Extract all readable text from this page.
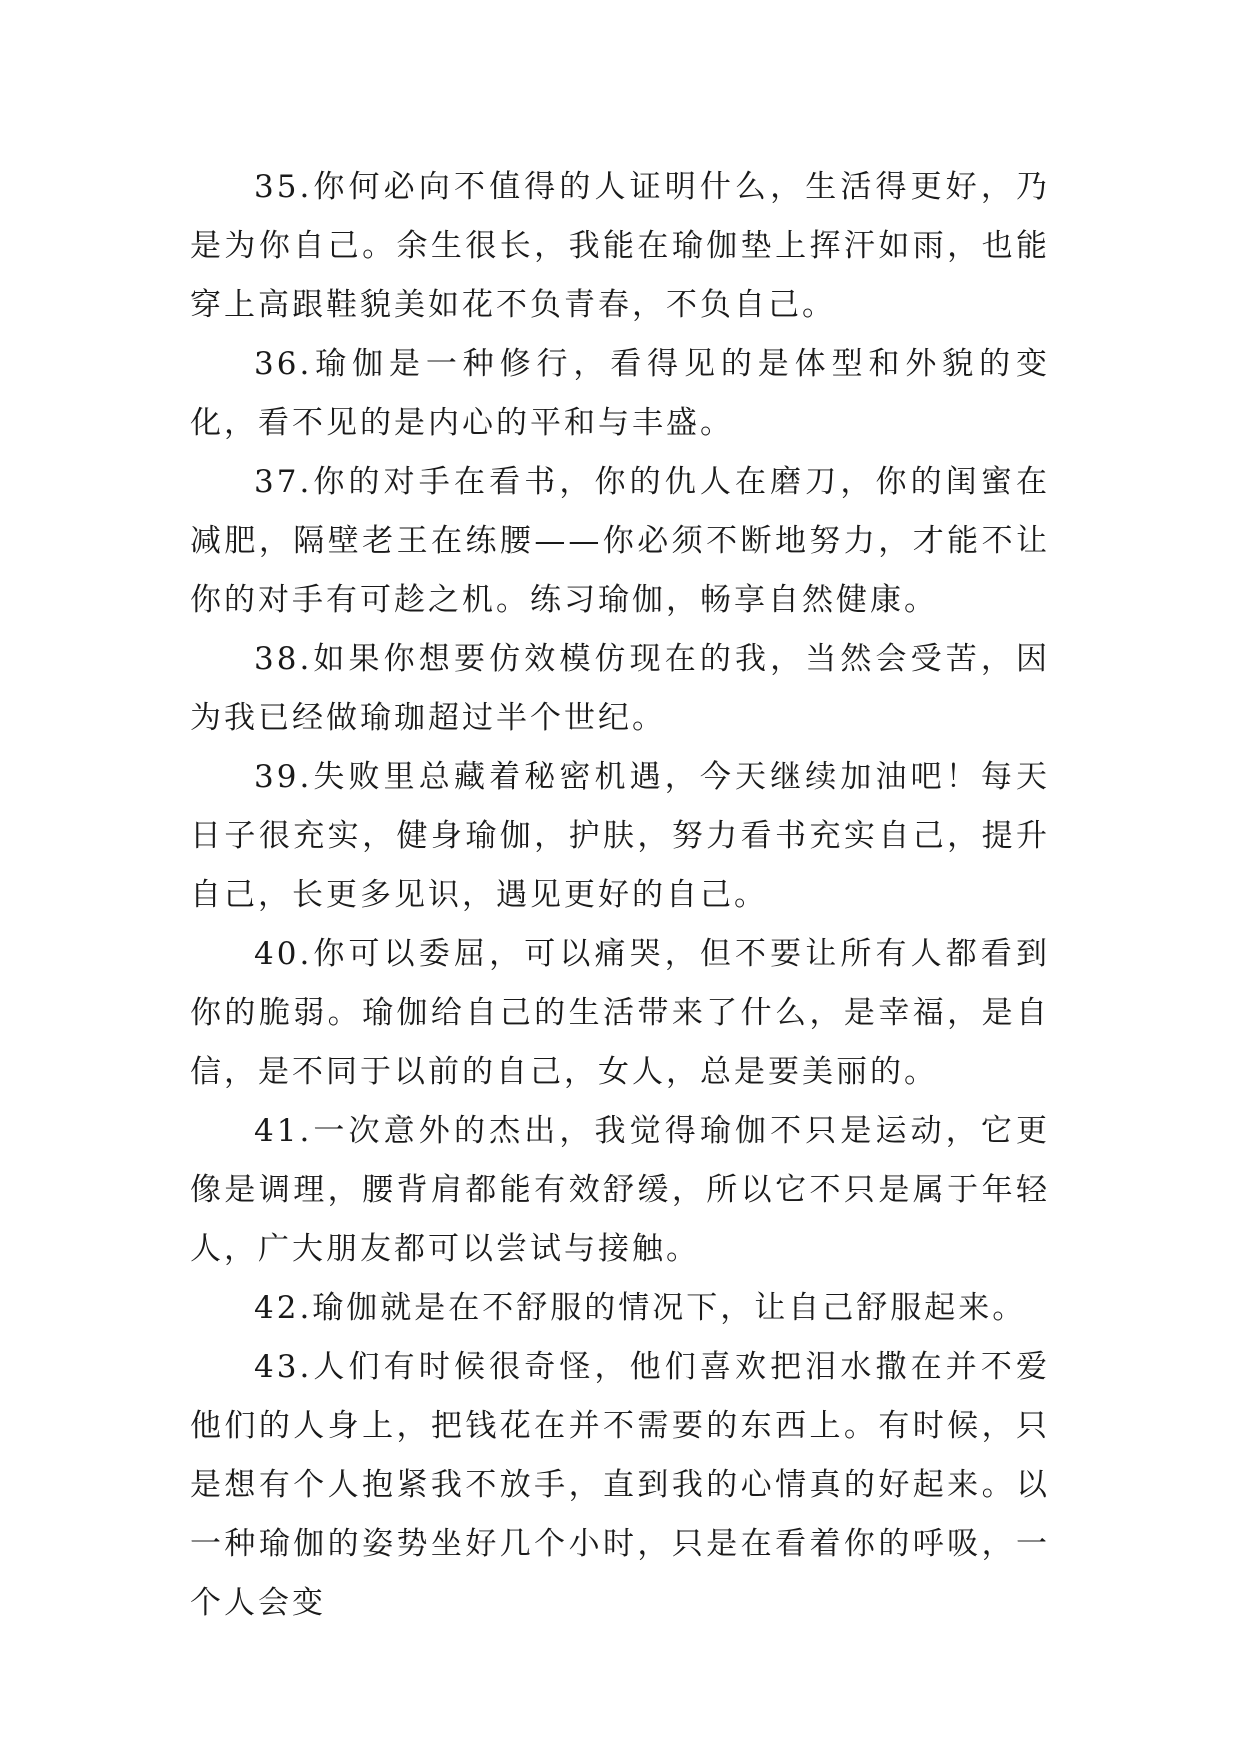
35.你何必向不值得的人证明什么，生活得更好，乃是为你自己。余生很长，我能在瑜伽垫上挥汗如雨，也能穿上高跟鞋貌美如花不负青春，不负自己。

36.瑜伽是一种修行，看得见的是体型和外貌的变化，看不见的是内心的平和与丰盛。

37.你的对手在看书，你的仇人在磨刀，你的闺蜜在减肥，隔壁老王在练腰——你必须不断地努力，才能不让你的对手有可趁之机。练习瑜伽，畅享自然健康。

38.如果你想要仿效模仿现在的我，当然会受苦，因为我已经做瑜珈超过半个世纪。

39.失败里总藏着秘密机遇，今天继续加油吧！每天日子很充实，健身瑜伽，护肤，努力看书充实自己，提升自己，长更多见识，遇见更好的自己。

40.你可以委屈，可以痛哭，但不要让所有人都看到你的脆弱。瑜伽给自己的生活带来了什么，是幸福，是自信，是不同于以前的自己，女人，总是要美丽的。

41.一次意外的杰出，我觉得瑜伽不只是运动，它更像是调理，腰背肩都能有效舒缓，所以它不只是属于年轻人，广大朋友都可以尝试与接触。

42.瑜伽就是在不舒服的情况下，让自己舒服起来。

43.人们有时候很奇怪，他们喜欢把泪水撒在并不爱他们的人身上，把钱花在并不需要的东西上。有时候，只是想有个人抱紧我不放手，直到我的心情真的好起来。以一种瑜伽的姿势坐好几个小时，只是在看着你的呼吸，一个人会变
